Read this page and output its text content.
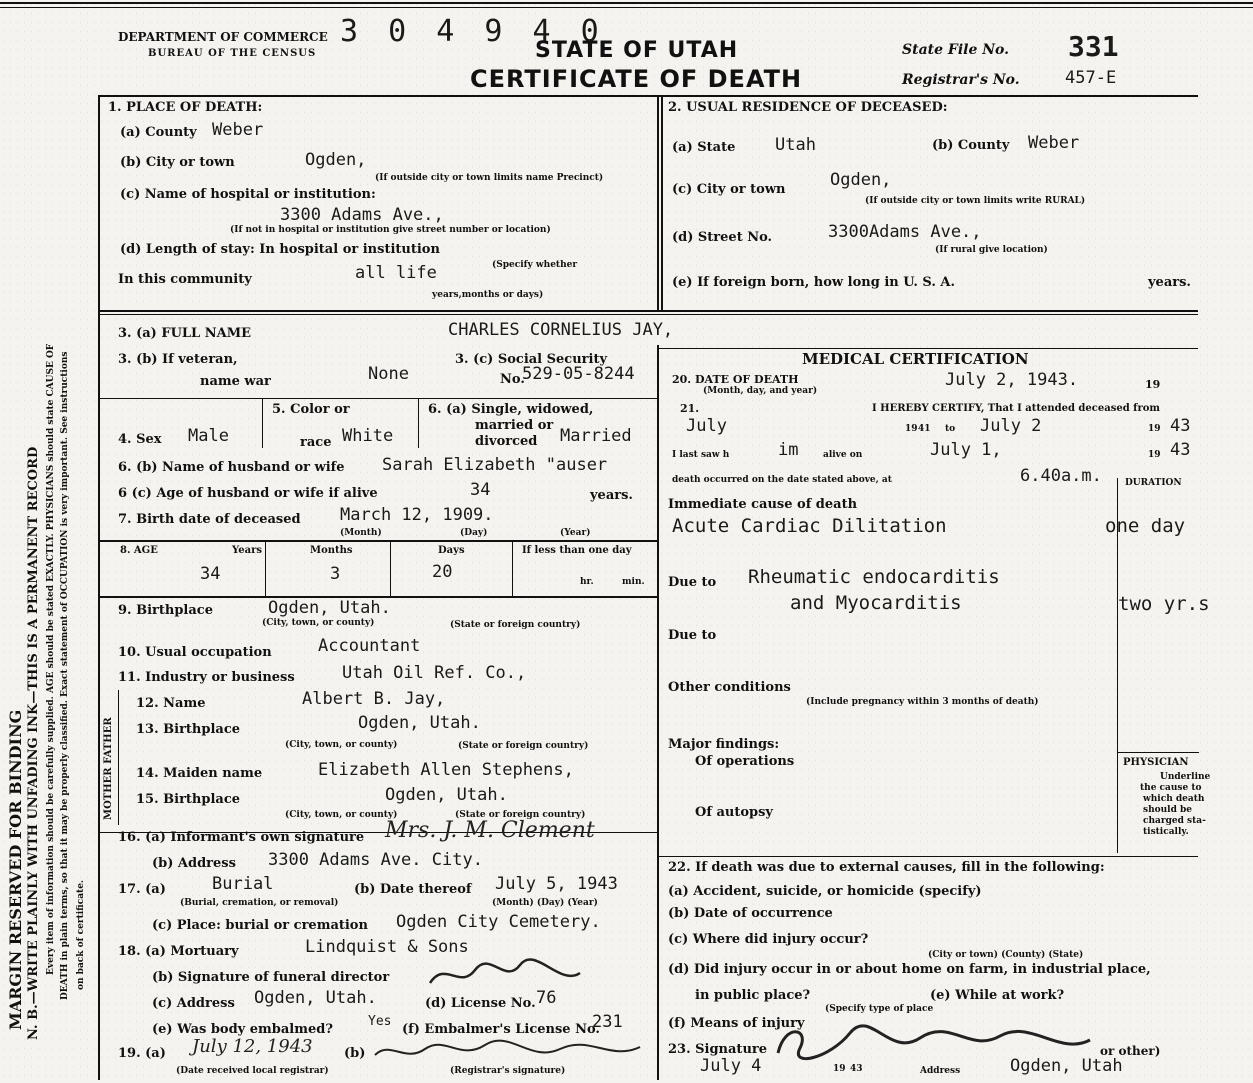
MARGIN RESERVED FOR BINDING N. B.—WRITE PLAINLY WITH UNFADING INK—THIS IS A PERMANENT RECORD Every item of information should be carefully supplied. AGE should be stated EXACTLY. PHYSICIANS should state CAUSE OF DEATH in plain terms, so that it may be properly classified. Exact statement of OCCUPATION is very important. See instructions on back of certificate.
DEPARTMENT OF COMMERCE
BUREAU OF THE CENSUS
3 0 4 9 4 0
STATE OF UTAH
CERTIFICATE OF DEATH
State File No. 331
Registrar's No.	457-E
1. PLACE OF DEATH:
(a) County Weber
(b) City or town	Ogden,
(If outside city or town limits name Precinct)
(c) Name of hospital or institution:
3300 Adams Ave.,
(If not in hospital or institution give street number or location)
(d) Length of stay: In hospital or institution
In this community	all life	(Specify whether
years,months or days)
2. USUAL RESIDENCE OF DECEASED:
(a) State Utah	(b) County Weber
(c) City or town	Ogden,
(If outside city or town limits write RURAL)
(d) Street No.	3300Adams Ave.,
(If rural give location)
(e) If foreign born, how long in U. S. A.	years.
3. (a) FULL NAME	CHARLES CORNELIUS JAY,
3. (b) If veteran,
name war	None
3. (c) Social Security
No.
529-05-8244
5. Color or
race White
6. (a) Single, widowed,
married or
divorced Married
4. Sex Male
6. (b) Name of husband or wife Sarah Elizabeth "auser
6 (c) Age of husband or wife if alive	34	years.
7. Birth date of deceased March 12, 1909.
(Month)	(Day)	(Year)
8. AGE	Years	Months	Days	If less than one day
34	3	20	hr.	min.
9. Birthplace	Ogden, Utah.
(City, town, or county)	(State or foreign country)
10. Usual occupation	Accountant
11. Industry or business	Utah Oil Ref. Co.,
MOTHER FATHER
12. Name	Albert B. Jay,
13. Birthplace	Ogden, Utah.
(City, town, or county)	(State or foreign country)
14. Maiden name	Elizabeth Allen Stephens,
15. Birthplace	Ogden, Utah.
(City, town, or county)	(State or foreign country)
16. (a) Informant's own signature Mrs. J. M. Clement
(b) Address 3300 Adams Ave. City.
17. (a)	Burial
(Burial, cremation, or removal)
(b) Date thereof July 5, 1943
(Month) (Day) (Year)
(c) Place: burial or cremation Ogden City Cemetery.
18. (a) Mortuary	Lindquist & Sons
(b) Signature of funeral director
(c) Address Ogden, Utah.	(d) License No. 76
(e) Was body embalmed?
Yes
(f) Embalmer's License No.
231
19. (a) July 12, 1943
(Date received local registrar)
(b)
(Registrar's signature)
MEDICAL CERTIFICATION
20. DATE OF DEATH
(Month, day, and year)
July 2, 1943.	19
21.	I HEREBY CERTIFY, That I attended deceased from
July	19 41 to July 2	19 43
I last saw h	im	alive on	July 1,	19 43
death occurred on the date stated above, at	6.40a.m.	DURATION
Immediate cause of death
Acute Cardiac Dilitation	one day
Due to Rheumatic endocarditis
and Myocarditis	two yr.s
Due to
Other conditions
(Include pregnancy within 3 months of death)
Major findings:
Of operations
Of autopsy
PHYSICIAN
Underline
the cause to
which death
should be
charged sta-
tistically.
22. If death was due to external causes, fill in the following:
(a) Accident, suicide, or homicide (specify)
(b) Date of occurrence
(c) Where did injury occur?
(City or town) (County) (State)
(d) Did injury occur in or about home on farm, in industrial place,
in public place?
(Specify type of place
(e) While at work?
(f) Means of injury
23. Signature	or other)
July 4	19 43	Address	Ogden, Utah
